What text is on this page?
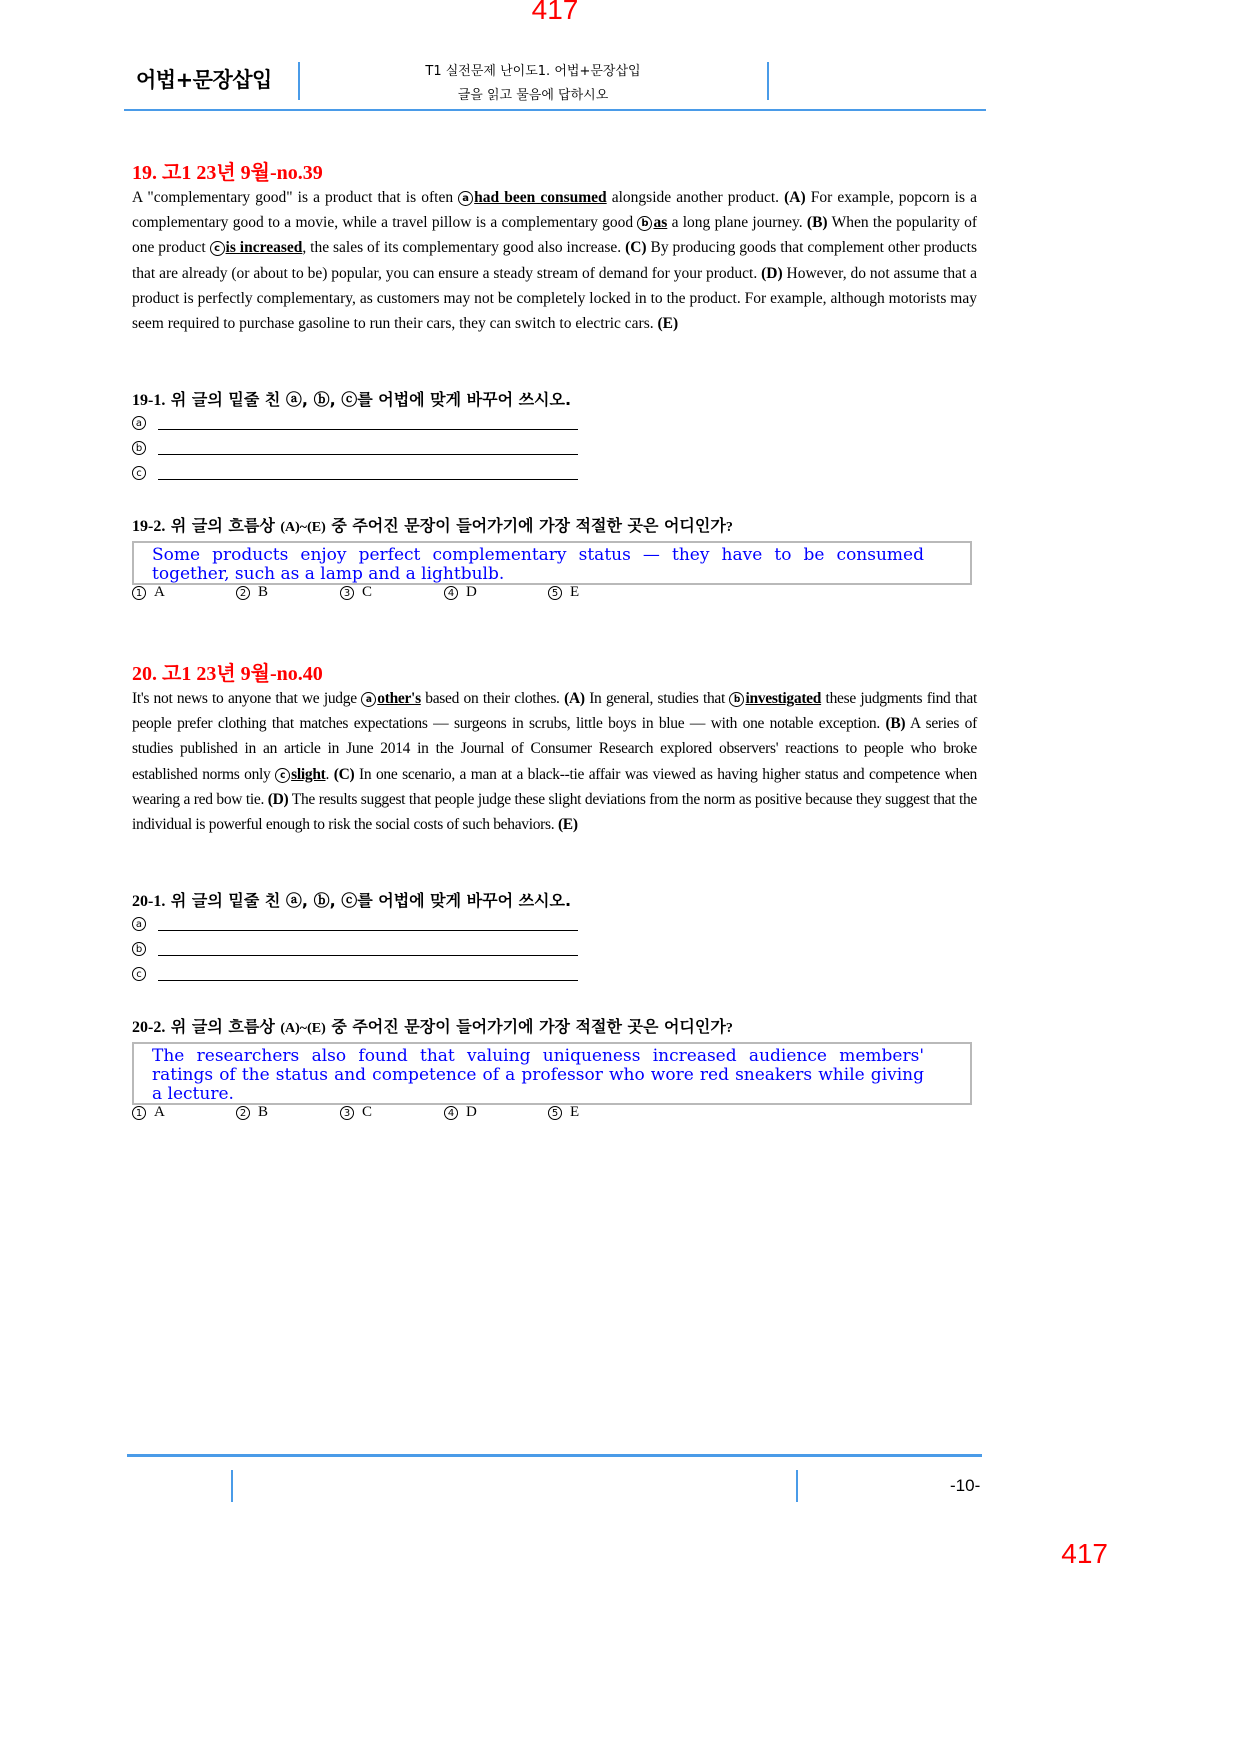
417
어법+문장삽입	T1 실전문제 난이도1. 어법+문장삽입
글을 읽고 물음에 답하시오
19. 고1 23년 9월-no.39
A "complementary good" is a product that is often a had been consumed alongside another product. (A) For example, popcorn is a complementary good to a movie, while a travel pillow is a complementary good b as a long plane journey. (B) When the popularity of one product c is increased, the sales of its complementary good also increase. (C) By producing goods that complement other products that are already (or about to be) popular, you can ensure a steady stream of demand for your product. (D) However, do not assume that a product is perfectly complementary, as customers may not be completely locked in to the product. For example, although motorists may seem required to purchase gasoline to run their cars, they can switch to electric cars. (E)
19-1. 위 글의 밑줄 친 ⓐ, ⓑ, ⓒ를 어법에 맞게 바꾸어 쓰시오.
a
b
c
19-2. 위 글의 흐름상 (A)~(E) 중 주어진 문장이 들어가기에 가장 적절한 곳은 어디인가?
Some products enjoy perfect complementary status — they have to be consumed together, such as a lamp and a lightbulb.
1 A	2 B	3 C	4 D	5 E
20. 고1 23년 9월-no.40
It's not news to anyone that we judge a other's based on their clothes. (A) In general, studies that b investigated these judgments find that people prefer clothing that matches expectations — surgeons in scrubs, little boys in blue — with one notable exception. (B) A series of studies published in an article in June 2014 in the Journal of Consumer Research explored observers' reactions to people who broke established norms only c slight. (C) In one scenario, a man at a black--tie affair was viewed as having higher status and competence when wearing a red bow tie. (D) The results suggest that people judge these slight deviations from the norm as positive because they suggest that the individual is powerful enough to risk the social costs of such behaviors. (E)
20-1. 위 글의 밑줄 친 ⓐ, ⓑ, ⓒ를 어법에 맞게 바꾸어 쓰시오.
a
b
c
20-2. 위 글의 흐름상 (A)~(E) 중 주어진 문장이 들어가기에 가장 적절한 곳은 어디인가?
The researchers also found that valuing uniqueness increased audience members' ratings of the status and competence of a professor who wore red sneakers while giving a lecture.
1 A	2 B	3 C	4 D	5 E
-10-
417
